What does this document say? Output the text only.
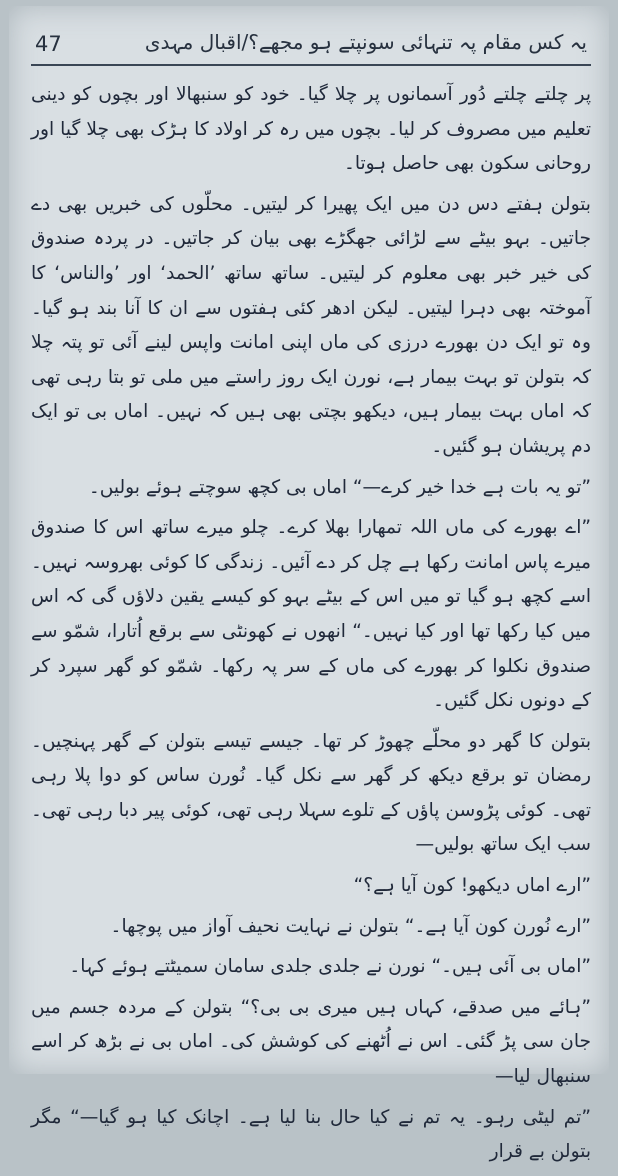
47	یہ کس مقام پہ تنہائی سونپتے ہو مجھے؟/اقبال مہدی

پر چلتے چلتے دُور آسمانوں پر چلا گیا۔ خود کو سنبھالا اور بچوں کو دینی تعلیم میں مصروف کر لیا۔ بچوں میں رہ کر اولاد کا ہڑک بھی چلا گیا اور روحانی سکون بھی حاصل ہوتا۔

بتولن ہفتے دس دن میں ایک پھیرا کر لیتیں۔ محلّوں کی خبریں بھی دے جاتیں۔ بہو بیٹے سے لڑائی جھگڑے بھی بیان کر جاتیں۔ در پردہ صندوق کی خیر خبر بھی معلوم کر لیتیں۔ ساتھ ساتھ ’الحمد‘ اور ’والناس‘ کا آموختہ بھی دہرا لیتیں۔ لیکن ادھر کئی ہفتوں سے ان کا آنا بند ہو گیا۔ وہ تو ایک دن بھورے درزی کی ماں اپنی امانت واپس لینے آئی تو پتہ چلا کہ بتولن تو بہت بیمار ہے، نورن ایک روز راستے میں ملی تو بتا رہی تھی کہ اماں بہت بیمار ہیں، دیکھو بچتی بھی ہیں کہ نہیں۔ اماں بی تو ایک دم پریشان ہو گئیں۔

”تو یہ بات ہے خدا خیر کرے—“ اماں بی کچھ سوچتے ہوئے بولیں۔

”اے بھورے کی ماں اللہ تمھارا بھلا کرے۔ چلو میرے ساتھ اس کا صندوق میرے پاس امانت رکھا ہے چل کر دے آئیں۔ زندگی کا کوئی بھروسہ نہیں۔ اسے کچھ ہو گیا تو میں اس کے بیٹے بہو کو کیسے یقین دلاؤں گی کہ اس میں کیا رکھا تھا اور کیا نہیں۔“ انھوں نے کھونٹی سے برقع اُتارا، شمّو سے صندوق نکلوا کر بھورے کی ماں کے سر پہ رکھا۔ شمّو کو گھر سپرد کر کے دونوں نکل گئیں۔

بتولن کا گھر دو محلّے چھوڑ کر تھا۔ جیسے تیسے بتولن کے گھر پہنچیں۔ رمضان تو برقع دیکھ کر گھر سے نکل گیا۔ نُورن ساس کو دوا پلا رہی تھی۔ کوئی پڑوسن پاؤں کے تلوے سہلا رہی تھی، کوئی پیر دبا رہی تھی۔ سب ایک ساتھ بولیں—

”ارے اماں دیکھو! کون آیا ہے؟“

”ارے نُورن کون آیا ہے۔“ بتولن نے نہایت نحیف آواز میں پوچھا۔

”اماں بی آئی ہیں۔“ نورن نے جلدی جلدی سامان سمیٹتے ہوئے کہا۔

”ہائے میں صدقے، کہاں ہیں میری بی بی؟“ بتولن کے مردہ جسم میں جان سی پڑ گئی۔ اس نے اُٹھنے کی کوشش کی۔ اماں بی نے بڑھ کر اسے سنبھال لیا—

”تم لیٹی رہو۔ یہ تم نے کیا حال بنا لیا ہے۔ اچانک کیا ہو گیا—“ مگر بتولن بے قرار
